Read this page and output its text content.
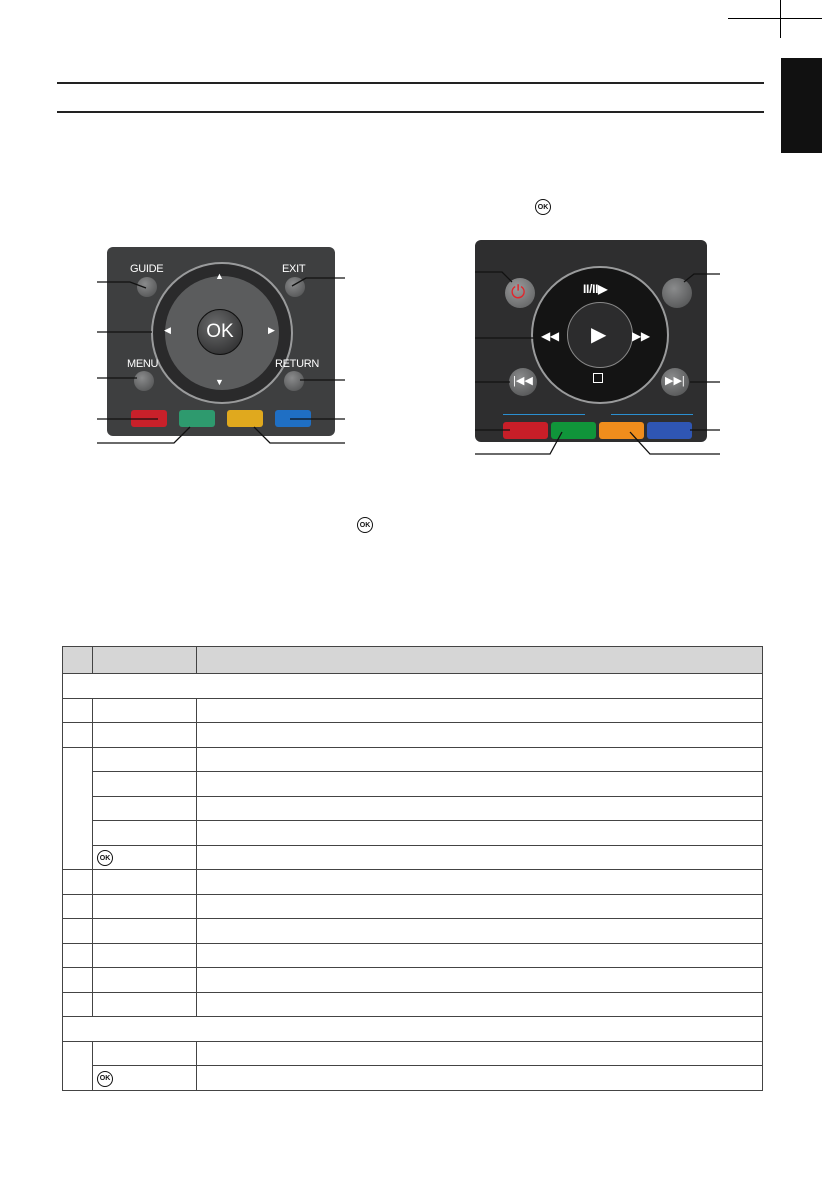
OK
OK
▲
▼
◀	▶
GUIDE	EXIT
MENU	RETURN
⏻	II/II▶
▶
◀◀	▶▶
|◀◀	▶▶|
OK

	OK	

	OK	
